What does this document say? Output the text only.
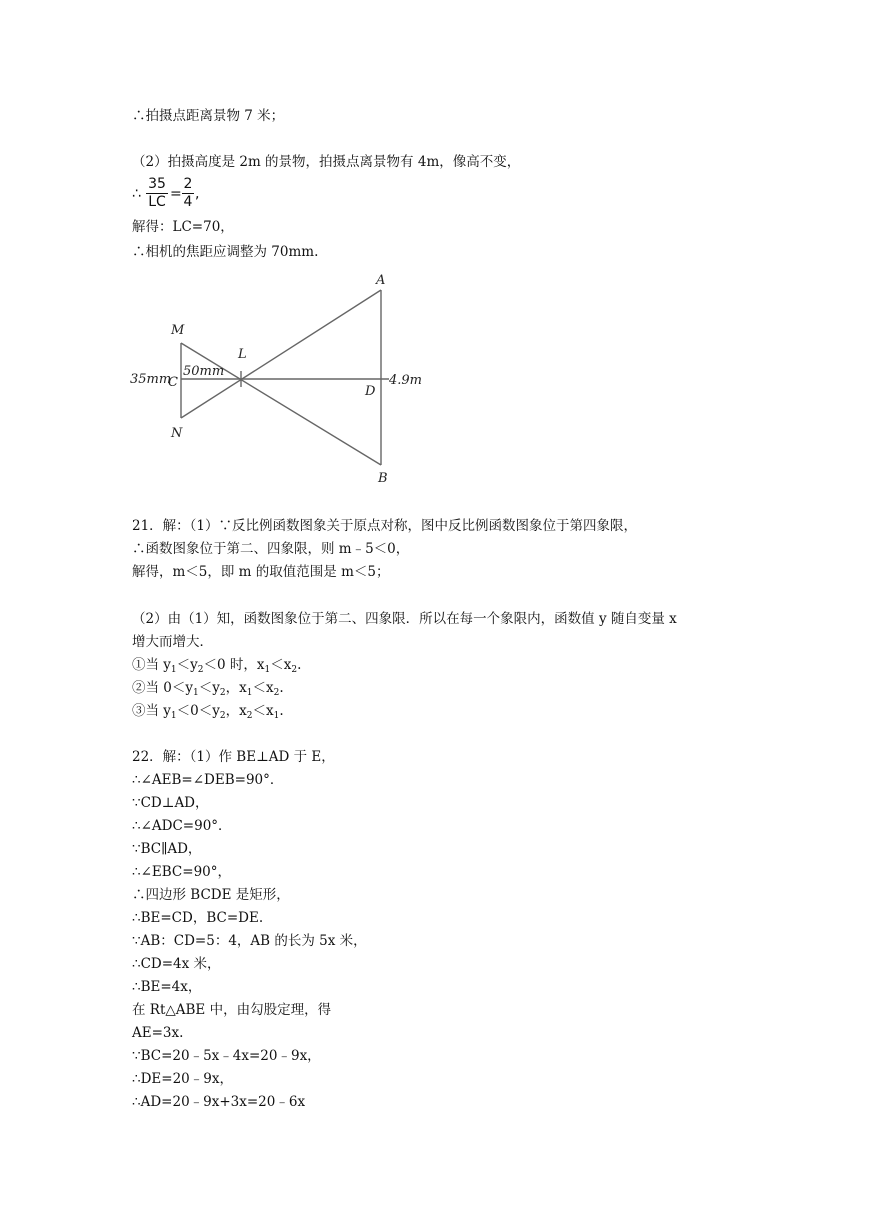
∴拍摄点距离景物 7 米；
（2）拍摄高度是 2m 的景物，拍摄点离景物有 4m，像高不变，
∴
35
LC =
2
4 ,
解得：LC=70，
∴相机的焦距应调整为 70mm.
A
B
M
N
L
C
D
50mm
35mm	4.9m
21．解：（1）∵反比例函数图象关于原点对称，图中反比例函数图象位于第四象限，
∴函数图象位于第二、四象限，则 m﹣5＜0，
解得，m＜5，即 m 的取值范围是 m＜5；
（2）由（1）知，函数图象位于第二、四象限．所以在每一个象限内，函数值 y 随自变量 x
增大而增大．
①当 $y_1<y_2<0$ 时，$x_1<x_2$.
②当 $0<y_1<y_2$，$x_1<x_2$.
③当 $y_1<0<y_2$，$x_2<x_1$.
22．解：（1）作 BE⊥AD 于 E，
∴∠AEB=∠DEB=90°．
∵CD⊥AD，
∴∠ADC=90°．
∵BC∥AD，
∴∠EBC=90°，
∴四边形 BCDE 是矩形，
∴BE=CD，BC=DE.
∵AB：CD=5：4，AB 的长为 5x 米，
∴CD=4x 米，
∴BE=4x，
在 Rt△ABE 中，由勾股定理，得
AE=3x.
∵BC=20﹣5x﹣4x=20﹣9x，
∴DE=20﹣9x，
∴AD=20﹣9x+3x=20﹣6x
